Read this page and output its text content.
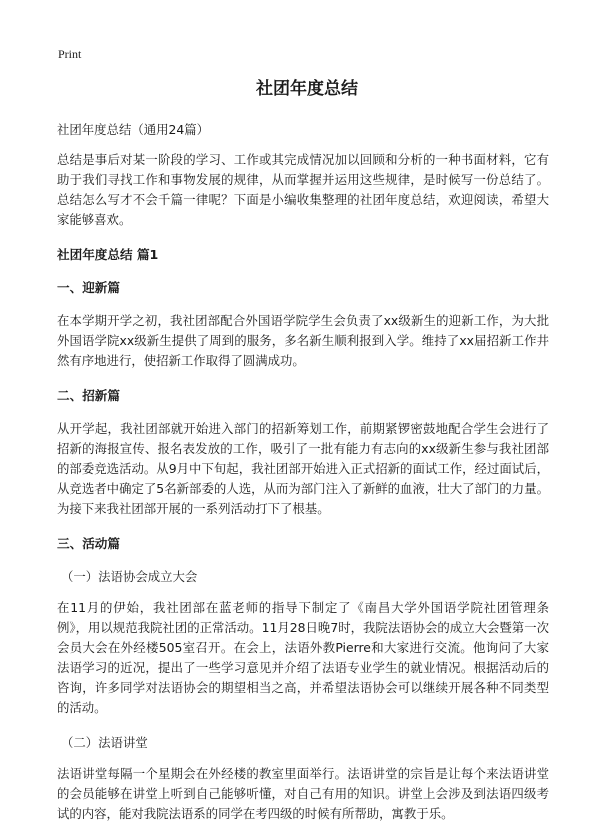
Print
社团年度总结

社团年度总结（通用24篇）

总结是事后对某一阶段的学习、工作或其完成情况加以回顾和分析的一种书面材料，它有助于我们寻找工作和事物发展的规律，从而掌握并运用这些规律，是时候写一份总结了。总结怎么写才不会千篇一律呢？下面是小编收集整理的社团年度总结，欢迎阅读，希望大家能够喜欢。

社团年度总结 篇1
一、迎新篇

在本学期开学之初，我社团部配合外国语学院学生会负责了xx级新生的迎新工作，为大批外国语学院xx级新生提供了周到的服务，多名新生顺利报到入学。维持了xx届招新工作井然有序地进行，使招新工作取得了圆满成功。

二、招新篇

从开学起，我社团部就开始进入部门的招新筹划工作，前期紧锣密鼓地配合学生会进行了招新的海报宣传、报名表发放的工作，吸引了一批有能力有志向的xx级新生参与我社团部的部委竞选活动。从9月中下旬起，我社团部开始进入正式招新的面试工作，经过面试后，从竞选者中确定了5名新部委的人选，从而为部门注入了新鲜的血液，壮大了部门的力量。为接下来我社团部开展的一系列活动打下了根基。

三、活动篇
（一）法语协会成立大会

在11月的伊始，我社团部在蓝老师的指导下制定了《南昌大学外国语学院社团管理条例》，用以规范我院社团的正常活动。11月28日晚7时，我院法语协会的成立大会暨第一次会员大会在外经楼505室召开。在会上，法语外教Pierre和大家进行交流。他询问了大家法语学习的近况，提出了一些学习意见并介绍了法语专业学生的就业情况。根据活动后的咨询，许多同学对法语协会的期望相当之高，并希望法语协会可以继续开展各种不同类型的活动。

（二）法语讲堂

法语讲堂每隔一个星期会在外经楼的教室里面举行。法语讲堂的宗旨是让每个来法语讲堂的会员能够在讲堂上听到自己能够听懂，对自己有用的知识。讲堂上会涉及到法语四级考试的内容，能对我院法语系的同学在考四级的时候有所帮助，寓教于乐。
